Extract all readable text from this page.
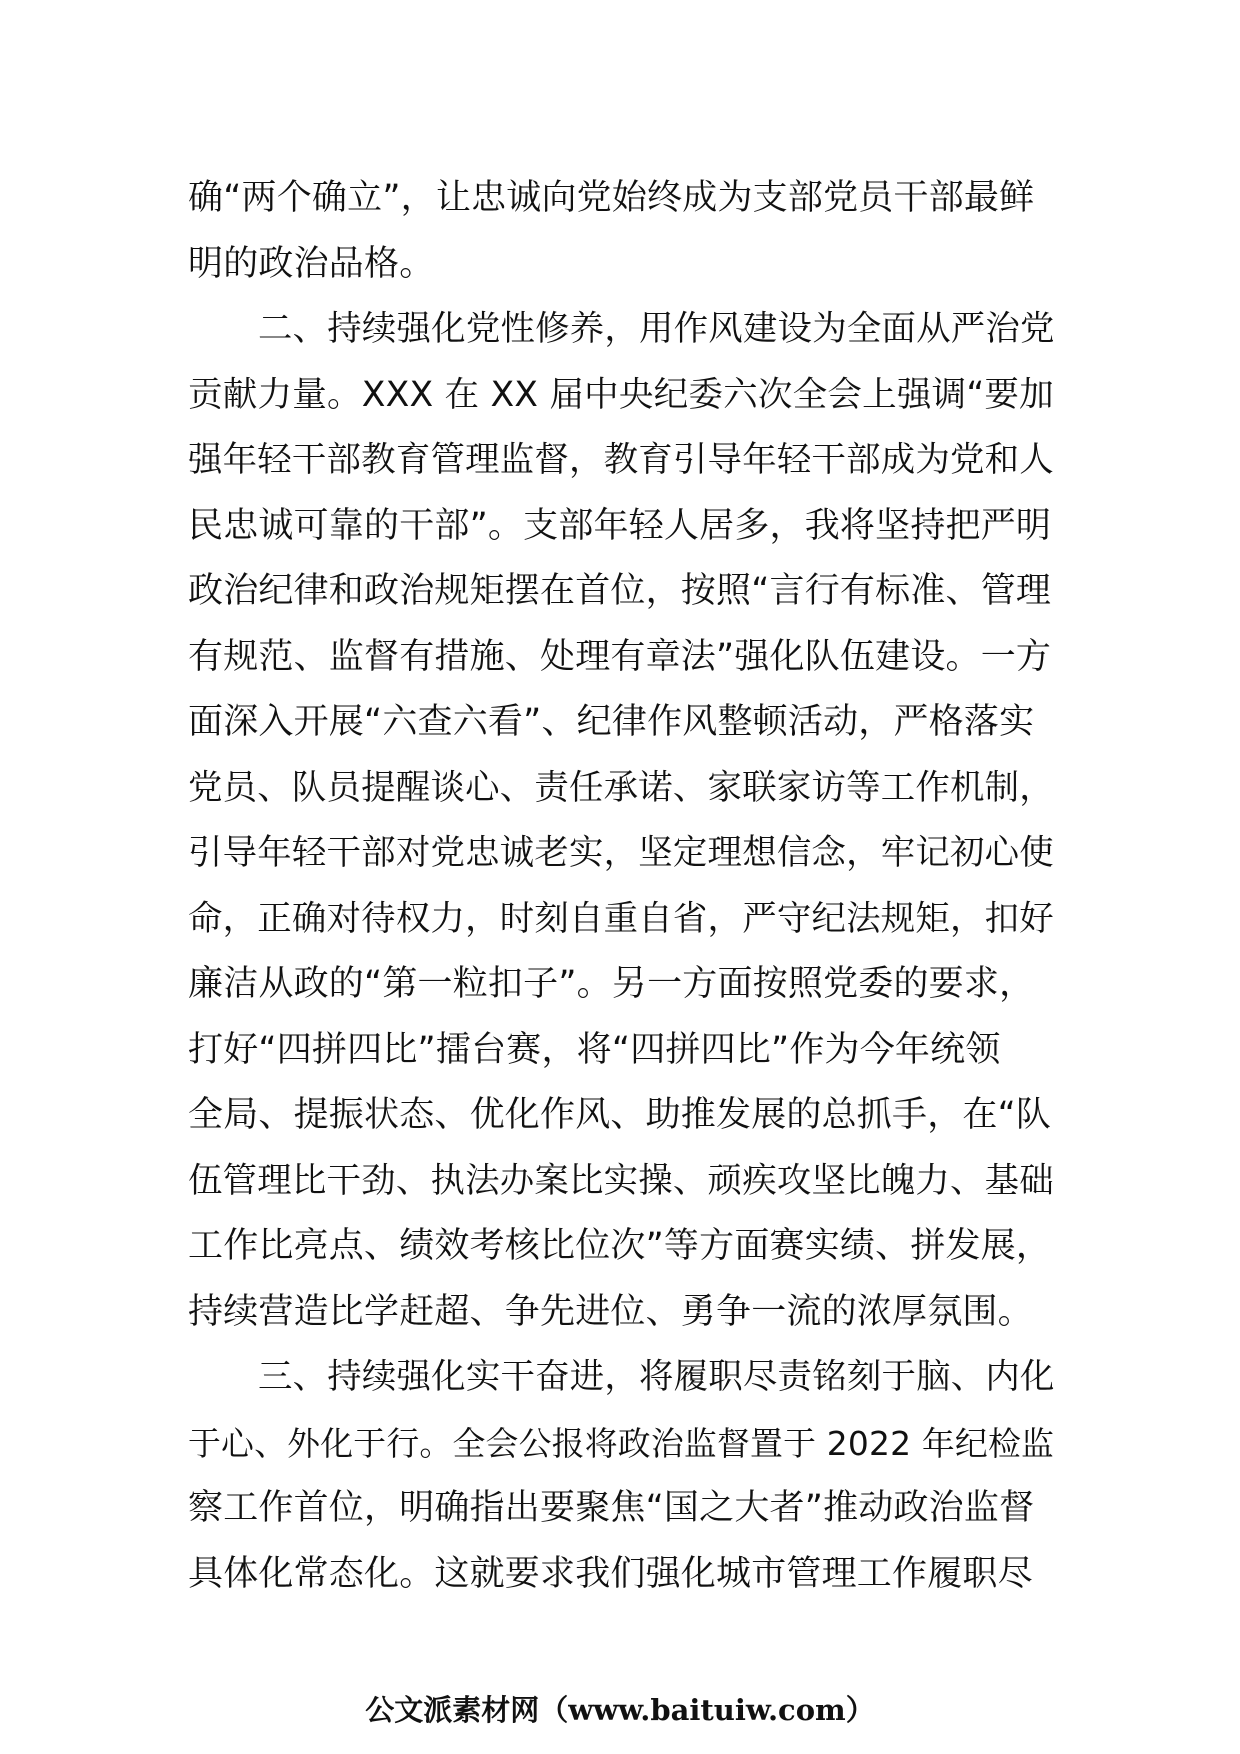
确“两个确立”，让忠诚向党始终成为支部党员干部最鲜
明的政治品格。
二、持续强化党性修养，用作风建设为全面从严治党
贡献力量。XXX 在 XX 届中央纪委六次全会上强调“要加
强年轻干部教育管理监督，教育引导年轻干部成为党和人
民忠诚可靠的干部”。支部年轻人居多，我将坚持把严明
政治纪律和政治规矩摆在首位，按照“言行有标准、管理
有规范、监督有措施、处理有章法”强化队伍建设。一方
面深入开展“六查六看”、纪律作风整顿活动，严格落实
党员、队员提醒谈心、责任承诺、家联家访等工作机制，
引导年轻干部对党忠诚老实，坚定理想信念，牢记初心使
命，正确对待权力，时刻自重自省，严守纪法规矩，扣好
廉洁从政的“第一粒扣子”。另一方面按照党委的要求，
打好“四拼四比”擂台赛，将“四拼四比”作为今年统领
全局、提振状态、优化作风、助推发展的总抓手，在“队
伍管理比干劲、执法办案比实操、顽疾攻坚比魄力、基础
工作比亮点、绩效考核比位次”等方面赛实绩、拼发展，
持续营造比学赶超、争先进位、勇争一流的浓厚氛围。
三、持续强化实干奋进，将履职尽责铭刻于脑、内化
于心、外化于行。全会公报将政治监督置于 2022 年纪检监
察工作首位，明确指出要聚焦“国之大者”推动政治监督
具体化常态化。这就要求我们强化城市管理工作履职尽
公文派素材网（www.baituiw.com）
